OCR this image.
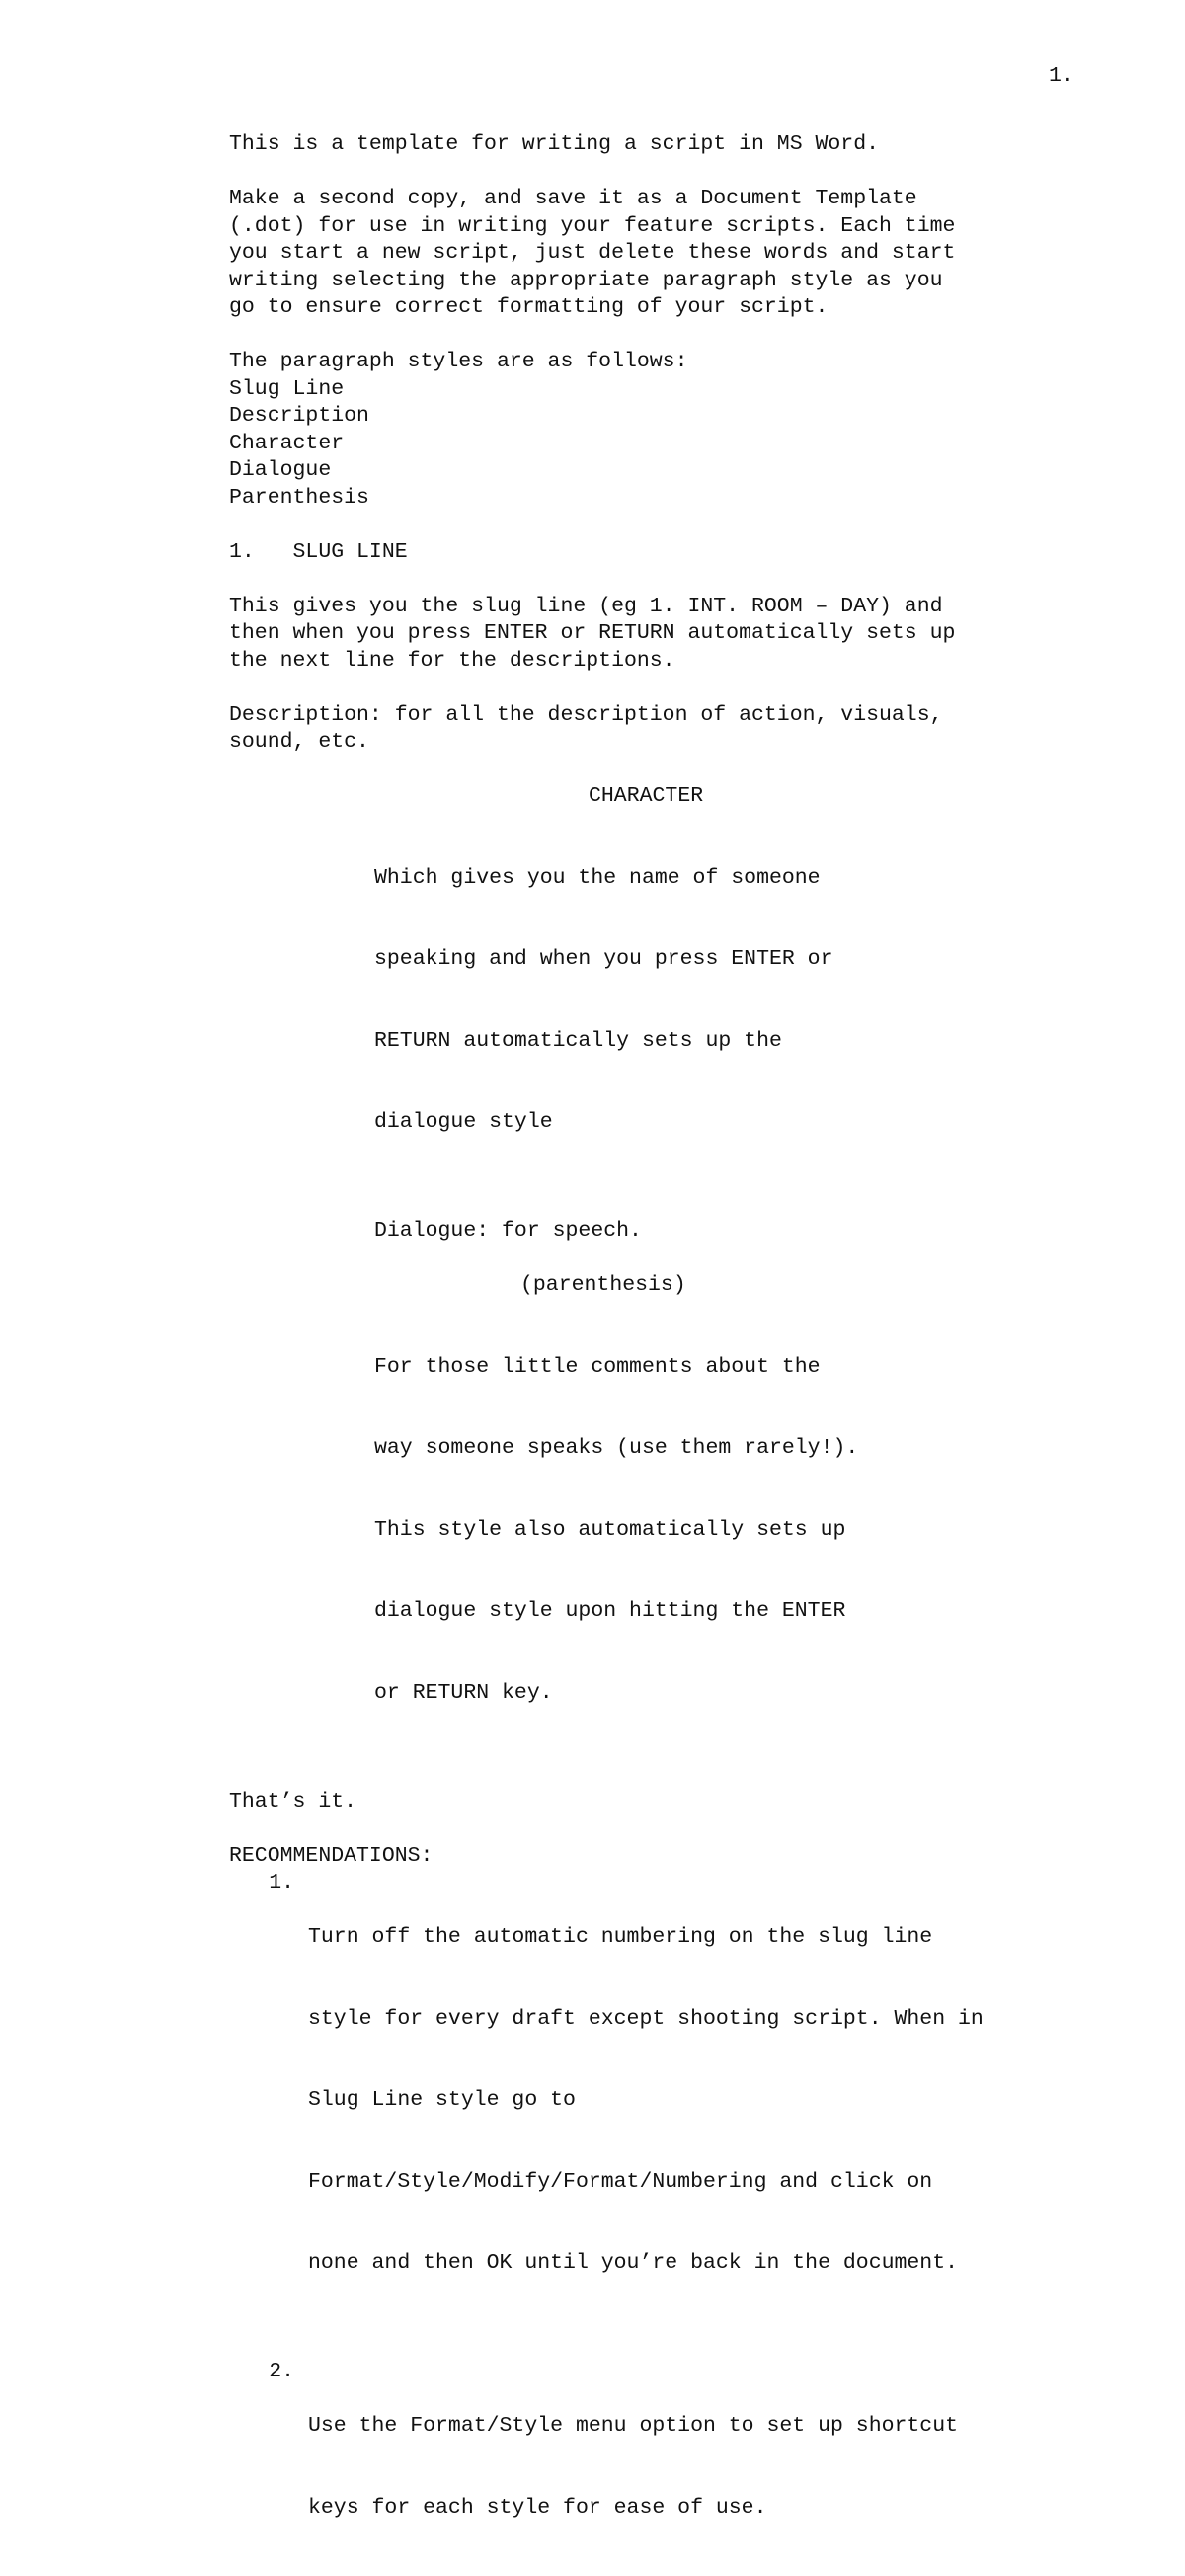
1.

This is a template for writing a script in MS Word.

Make a second copy, and save it as a Document Template

(.dot) for use in writing your feature scripts. Each time

you start a new script, just delete these words and start

writing selecting the appropriate paragraph style as you

go to ensure correct formatting of your script.

The paragraph styles are as follows:

Slug Line
Description
Character
Dialogue
Parenthesis

1.   SLUG LINE

This gives you the slug line (eg 1. INT. ROOM – DAY) and

then when you press ENTER or RETURN automatically sets up

the next line for the descriptions.

Description: for all the description of action, visuals,

sound, etc.

CHARACTER

Which gives you the name of someone

speaking and when you press ENTER or

RETURN automatically sets up the

dialogue style

Dialogue: for speech.

(parenthesis)

For those little comments about the

way someone speaks (use them rarely!).

This style also automatically sets up

dialogue style upon hitting the ENTER

or RETURN key.

That’s it.

RECOMMENDATIONS:

1.

Turn off the automatic numbering on the slug line

style for every draft except shooting script. When in

Slug Line style go to

Format/Style/Modify/Format/Numbering and click on

none and then OK until you’re back in the document.

2.

Use the Format/Style menu option to set up shortcut

keys for each style for ease of use.
